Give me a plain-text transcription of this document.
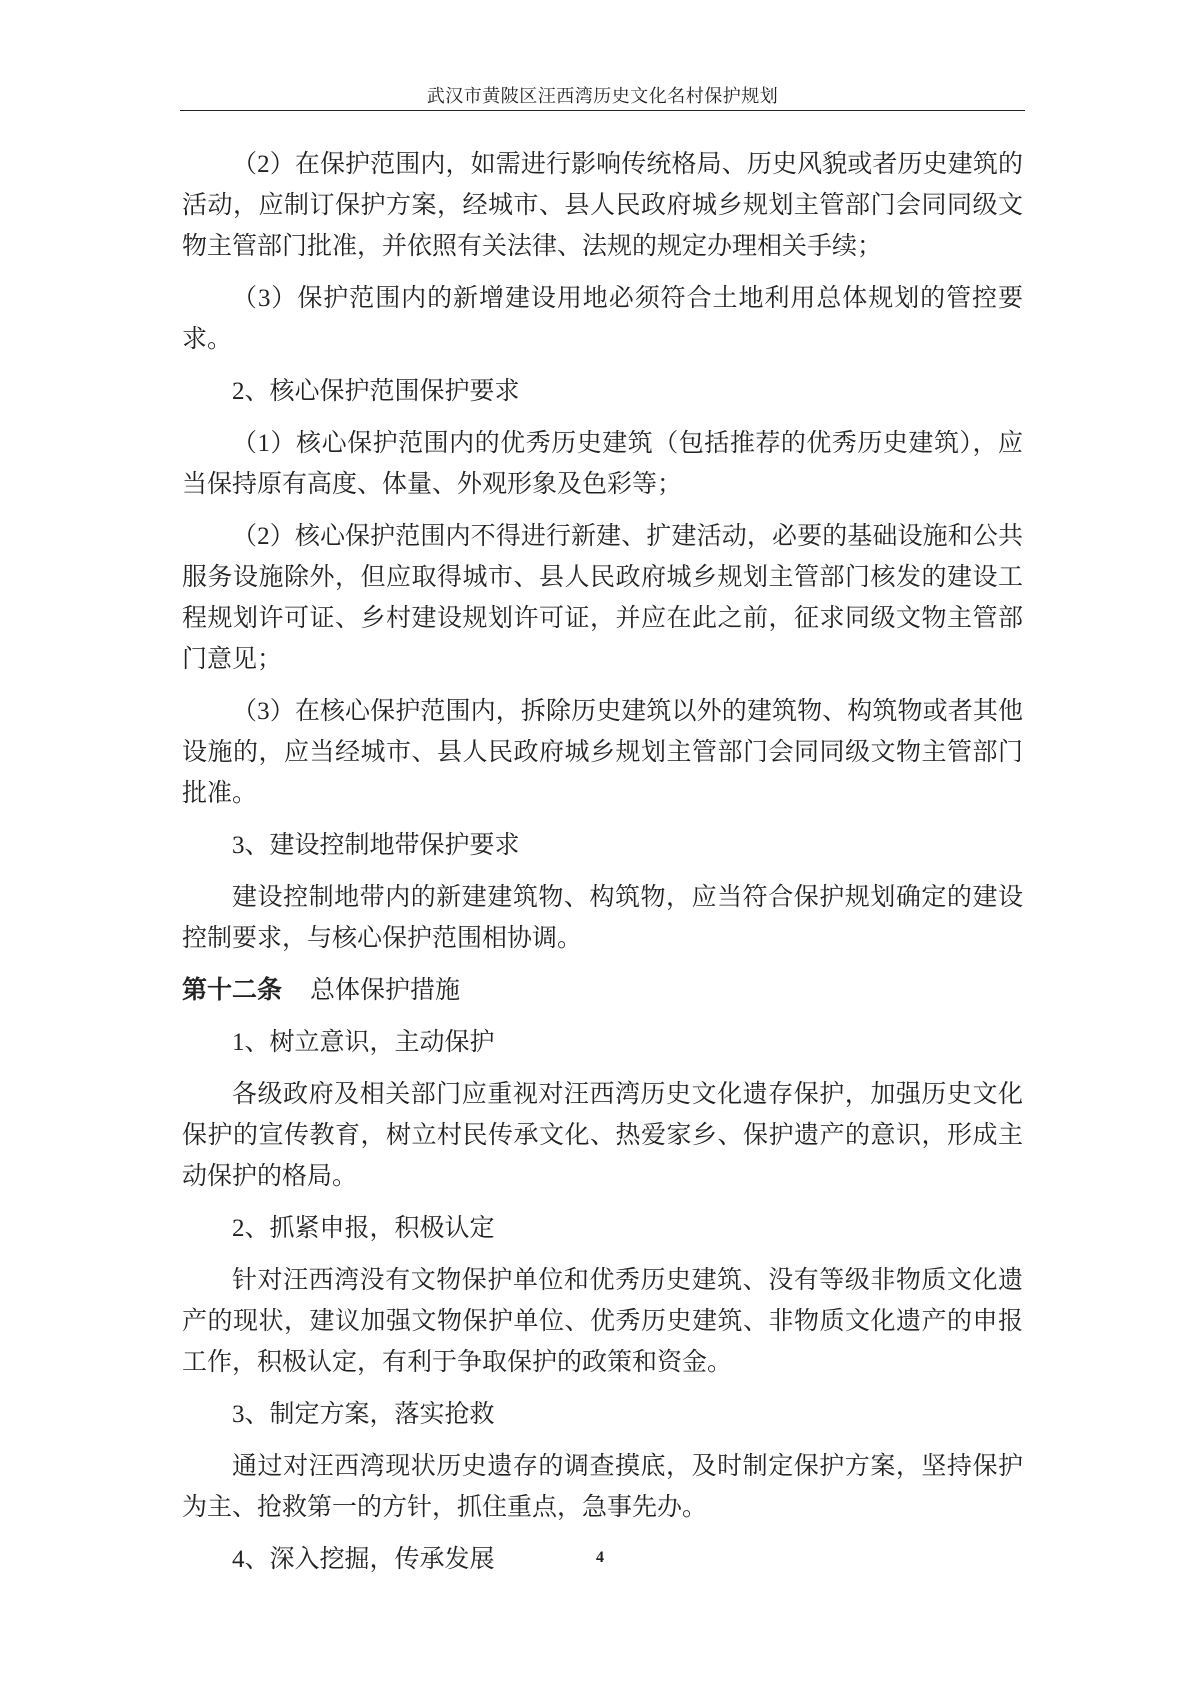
武汉市黄陂区汪西湾历史文化名村保护规划

（2）在保护范围内，如需进行影响传统格局、历史风貌或者历史建筑的活动，应制订保护方案，经城市、县人民政府城乡规划主管部门会同同级文物主管部门批准，并依照有关法律、法规的规定办理相关手续；

（3）保护范围内的新增建设用地必须符合土地利用总体规划的管控要求。

2、核心保护范围保护要求

（1）核心保护范围内的优秀历史建筑（包括推荐的优秀历史建筑），应当保持原有高度、体量、外观形象及色彩等；

（2）核心保护范围内不得进行新建、扩建活动，必要的基础设施和公共服务设施除外，但应取得城市、县人民政府城乡规划主管部门核发的建设工程规划许可证、乡村建设规划许可证，并应在此之前，征求同级文物主管部门意见；

（3）在核心保护范围内，拆除历史建筑以外的建筑物、构筑物或者其他设施的，应当经城市、县人民政府城乡规划主管部门会同同级文物主管部门批准。

3、建设控制地带保护要求

建设控制地带内的新建建筑物、构筑物，应当符合保护规划确定的建设控制要求，与核心保护范围相协调。

第十二条 总体保护措施

1、树立意识，主动保护

各级政府及相关部门应重视对汪西湾历史文化遗存保护，加强历史文化保护的宣传教育，树立村民传承文化、热爱家乡、保护遗产的意识，形成主动保护的格局。

2、抓紧申报，积极认定

针对汪西湾没有文物保护单位和优秀历史建筑、没有等级非物质文化遗产的现状，建议加强文物保护单位、优秀历史建筑、非物质文化遗产的申报工作，积极认定，有利于争取保护的政策和资金。

3、制定方案，落实抢救

通过对汪西湾现状历史遗存的调查摸底，及时制定保护方案，坚持保护为主、抢救第一的方针，抓住重点，急事先办。

4、深入挖掘，传承发展	4
